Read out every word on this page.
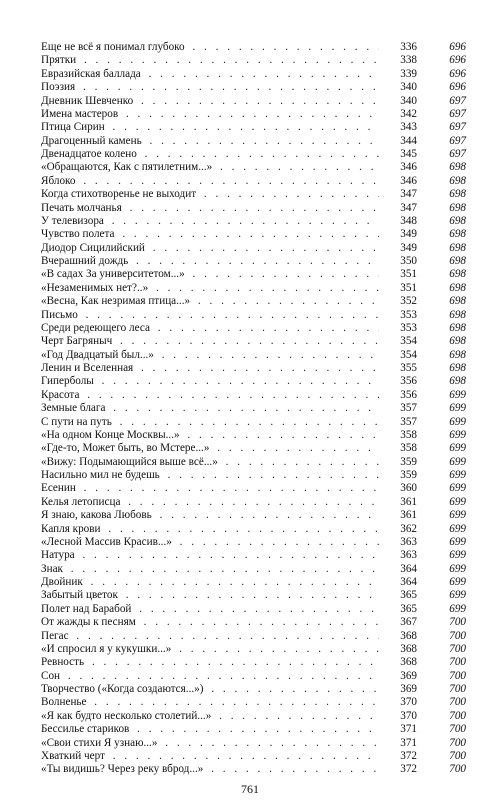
Еще не всё я понимал глубоко . . .	336	696
Прятки . . .	338	696
Евразийская баллада . . .	339	696
Поэзия . . .	340	696
Дневник Шевченко . . .	340	697
Имена мастеров . . .	342	697
Птица Сирин . . .	343	697
Драгоценный камень . . .	344	697
Двенадцатое колено . . .	345	697
«Обращаются, Как с пятилетним...» . . .	346	698
Яблоко . . .	346	698
Когда стихотворенье не выходит . . .	347	698
Печать молчанья . . .	347	698
У телевизора . . .	348	698
Чувство полета . . .	349	698
Диодор Сицилийский . . .	349	698
Вчерашний дождь . . .	350	698
«В садах За университетом...» . . .	351	698
«Незаменимых нет?..» . . .	351	698
«Весна, Как незримая птица...» . . .	352	698
Письмо . . .	353	698
Среди редеющего леса . . .	353	698
Черт Багряныч . . .	354	698
«Год Двадцатый был...» . . .	354	698
Ленин и Вселенная . . .	355	698
Гиперболы . . .	356	698
Красота . . .	356	699
Земные блага . . .	357	699
С пути на путь . . .	357	699
«На одном Конце Москвы...» . . .	358	699
«Где-то, Может быть, во Мстере...» . . .	358	699
«Вижу: Подымающийся выше всё...» . . .	359	699
Насильно мил не будешь . . .	359	699
Есенин . . .	360	699
Келья летописца . . .	361	699
Я знаю, какова Любовь . . .	361	699
Капля крови . . .	362	699
«Лесной Массив Красив...» . . .	363	699
Натура . . .	363	699
Знак . . .	364	699
Двойник . . .	364	699
Забытый цветок . . .	365	699
Полет над Барабой . . .	365	699
От жажды к песням . . .	367	700
Пегас . . .	368	700
«И спросил я у кукушки...» . . .	368	700
Ревность . . .	368	700
Сон . . .	369	700
Творчество («Когда создаются...») . . .	369	700
Волненье . . .	370	700
«Я как будто несколько столетий...» . . .	370	700
Бессилье стариков . . .	371	700
«Свои стихи Я узнаю...» . . .	371	700
Хваткий черт . . .	372	700
«Ты видишь? Через реку вброд...» . . .	372	700
761
